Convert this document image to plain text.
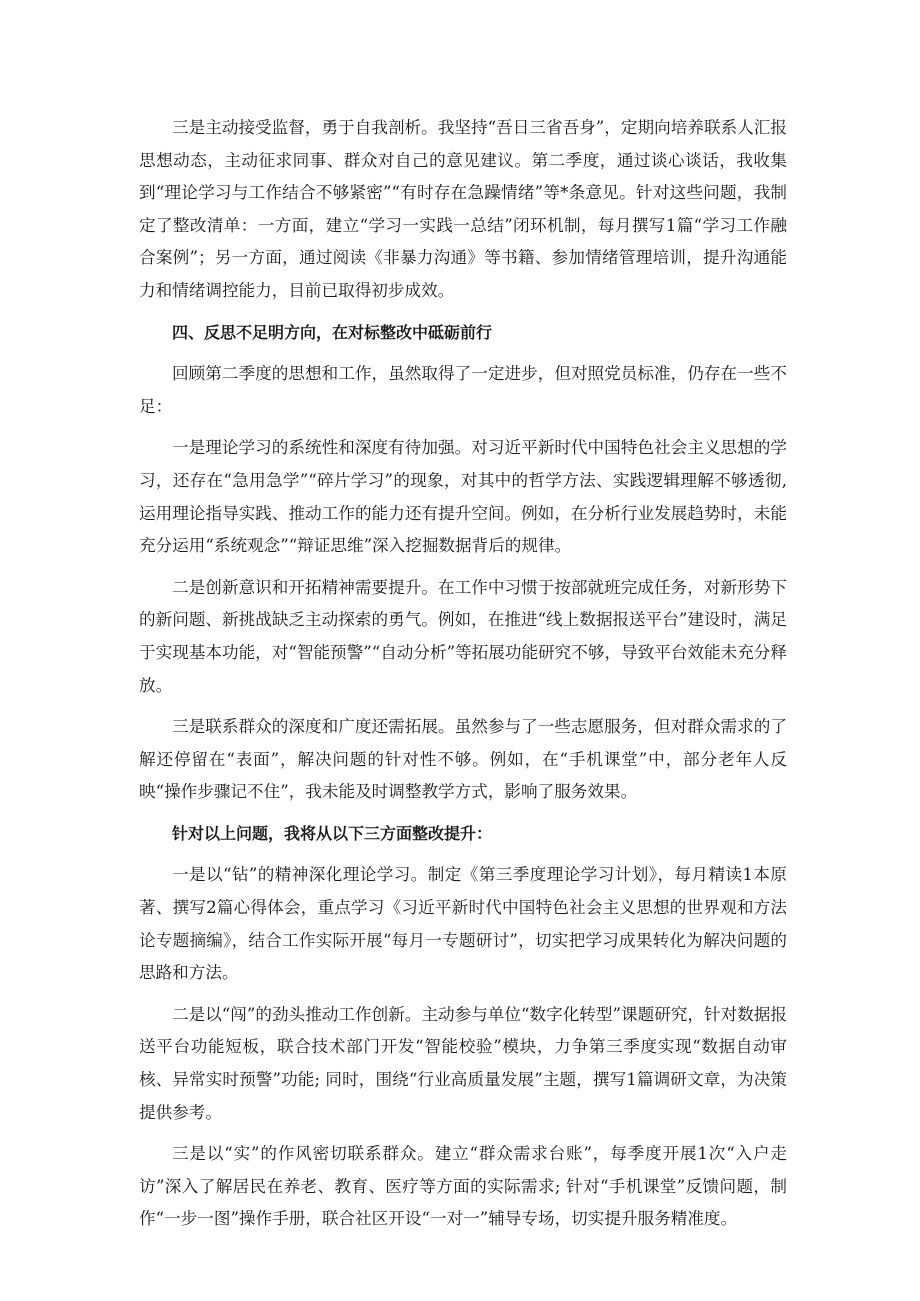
三是主动接受监督，勇于自我剖析。我坚持“吾日三省吾身”，定期向培养联系人汇报思想动态，主动征求同事、群众对自己的意见建议。第二季度，通过谈心谈话，我收集到“理论学习与工作结合不够紧密”“有时存在急躁情绪”等*条意见。针对这些问题，我制定了整改清单：一方面，建立“学习一实践一总结”闭环机制，每月撰写1篇“学习工作融合案例”；另一方面，通过阅读《非暴力沟通》等书籍、参加情绪管理培训，提升沟通能力和情绪调控能力，目前已取得初步成效。

四、反思不足明方向，在对标整改中砥砺前行

回顾第二季度的思想和工作，虽然取得了一定进步，但对照党员标准，仍存在一些不足：

一是理论学习的系统性和深度有待加强。对习近平新时代中国特色社会主义思想的学习，还存在“急用急学”“碎片学习”的现象，对其中的哲学方法、实践逻辑理解不够透彻,运用理论指导实践、推动工作的能力还有提升空间。例如，在分析行业发展趋势时，未能充分运用“系统观念”“辩证思维”深入挖掘数据背后的规律。

二是创新意识和开拓精神需要提升。在工作中习惯于按部就班完成任务，对新形势下的新问题、新挑战缺乏主动探索的勇气。例如，在推进“线上数据报送平台”建设时，满足于实现基本功能，对“智能预警”“自动分析”等拓展功能研究不够，导致平台效能未充分释放。

三是联系群众的深度和广度还需拓展。虽然参与了一些志愿服务，但对群众需求的了解还停留在“表面”，解决问题的针对性不够。例如，在“手机课堂”中，部分老年人反映“操作步骤记不住”，我未能及时调整教学方式，影响了服务效果。

针对以上问题，我将从以下三方面整改提升：

一是以“钻”的精神深化理论学习。制定《第三季度理论学习计划》，每月精读1本原著、撰写2篇心得体会，重点学习《习近平新时代中国特色社会主义思想的世界观和方法论专题摘编》，结合工作实际开展“每月一专题研讨”，切实把学习成果转化为解决问题的思路和方法。

二是以“闯”的劲头推动工作创新。主动参与单位“数字化转型”课题研究，针对数据报送平台功能短板，联合技术部门开发“智能校验”模块，力争第三季度实现“数据自动审核、异常实时预警”功能; 同时，围绕“行业高质量发展”主题，撰写1篇调研文章，为决策提供参考。

三是以“实”的作风密切联系群众。建立“群众需求台账”，每季度开展1次“入户走访”深入了解居民在养老、教育、医疗等方面的实际需求; 针对“手机课堂”反馈问题，制作“一步一图”操作手册，联合社区开设“一对一”辅导专场，切实提升服务精准度。
